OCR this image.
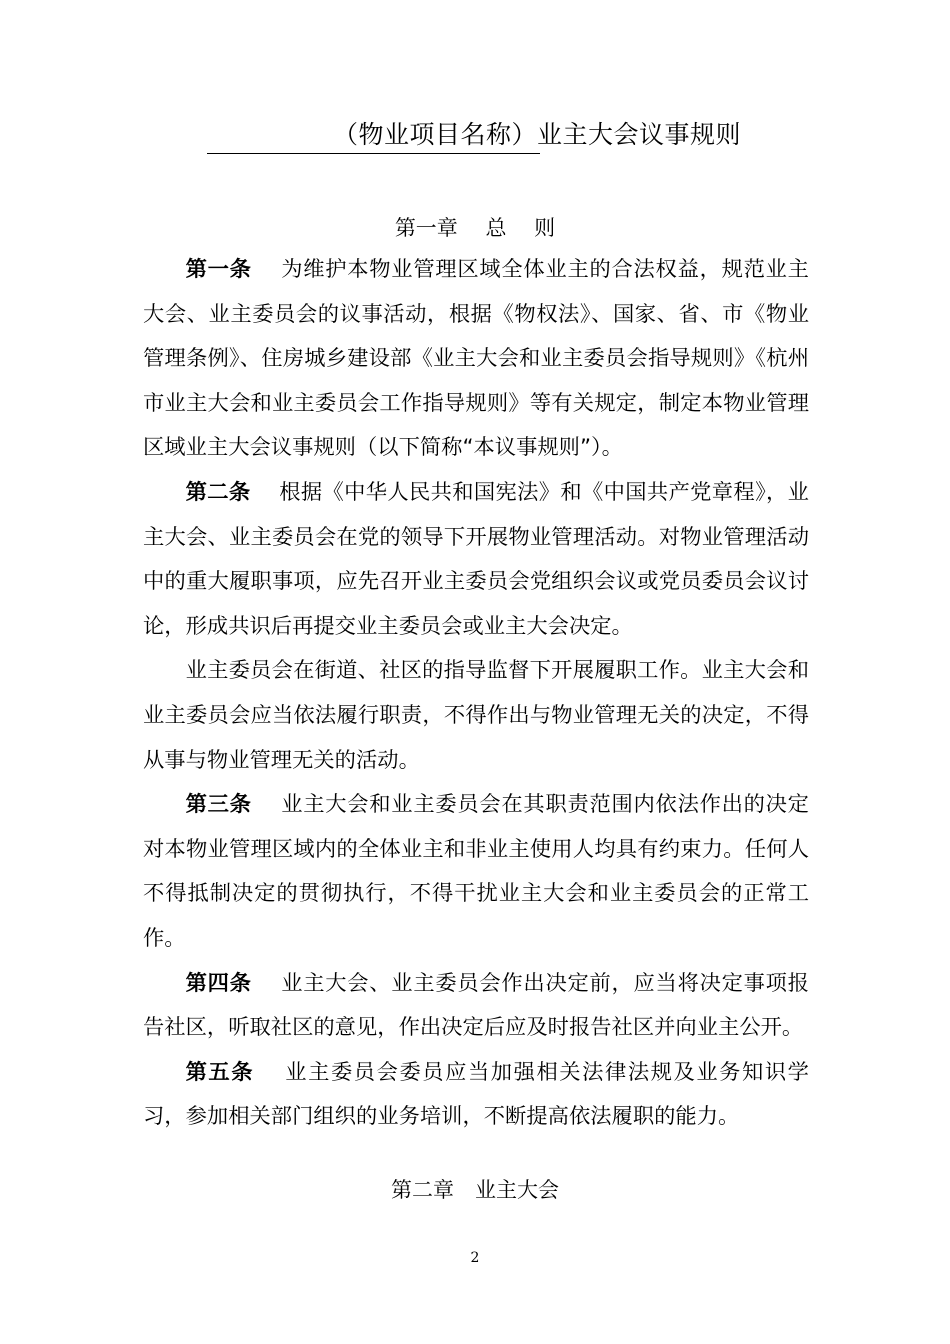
（物业项目名称）业主大会议事规则
第一章　 总　 则

第一条　 为维护本物业管理区域全体业主的合法权益，规范业主大会、业主委员会的议事活动，根据《物权法》、国家、省、市《物业管理条例》、住房城乡建设部《业主大会和业主委员会指导规则》《杭州市业主大会和业主委员会工作指导规则》等有关规定，制定本物业管理区域业主大会议事规则（以下简称“本议事规则”）。

第二条　 根据《中华人民共和国宪法》和《中国共产党章程》，业主大会、业主委员会在党的领导下开展物业管理活动。对物业管理活动中的重大履职事项，应先召开业主委员会党组织会议或党员委员会议讨论，形成共识后再提交业主委员会或业主大会决定。

业主委员会在街道、社区的指导监督下开展履职工作。业主大会和业主委员会应当依法履行职责，不得作出与物业管理无关的决定，不得从事与物业管理无关的活动。

第三条　 业主大会和业主委员会在其职责范围内依法作出的决定对本物业管理区域内的全体业主和非业主使用人均具有约束力。任何人不得抵制决定的贯彻执行，不得干扰业主大会和业主委员会的正常工作。

第四条　 业主大会、业主委员会作出决定前，应当将决定事项报告社区，听取社区的意见，作出决定后应及时报告社区并向业主公开。

第五条　 业主委员会委员应当加强相关法律法规及业务知识学习，参加相关部门组织的业务培训，不断提高依法履职的能力。

第二章　业主大会
2
